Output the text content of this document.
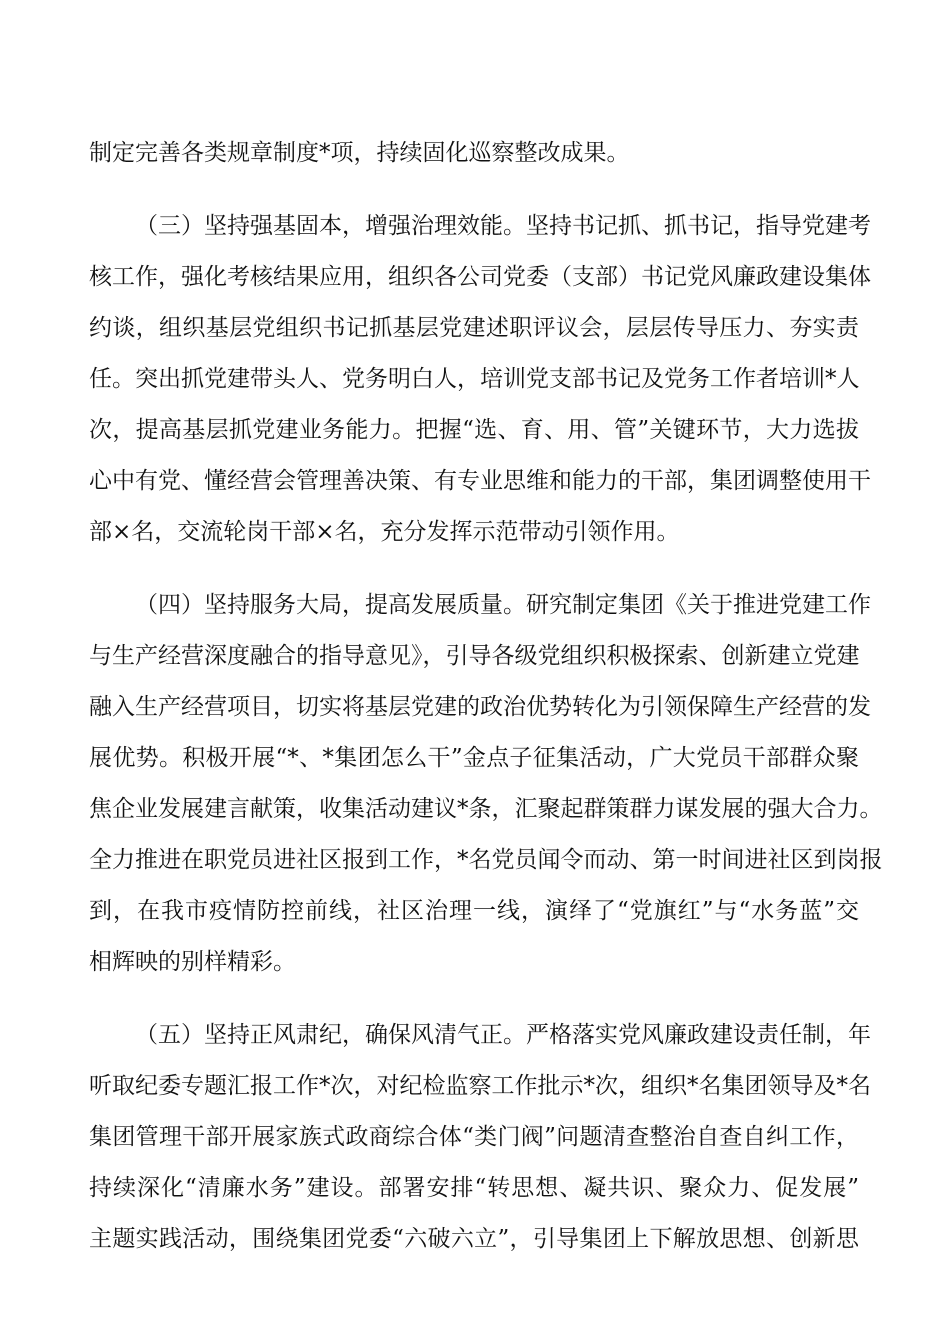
制定完善各类规章制度*项，持续固化巡察整改成果。
（三）坚持强基固本，增强治理效能。坚持书记抓、抓书记，指导党建考
核工作，强化考核结果应用，组织各公司党委（支部）书记党风廉政建设集体
约谈，组织基层党组织书记抓基层党建述职评议会，层层传导压力、夯实责
任。突出抓党建带头人、党务明白人，培训党支部书记及党务工作者培训*人
次，提高基层抓党建业务能力。把握“选、育、用、管”关键环节，大力选拔
心中有党、懂经营会管理善决策、有专业思维和能力的干部，集团调整使用干
部×名，交流轮岗干部×名，充分发挥示范带动引领作用。
（四）坚持服务大局，提高发展质量。研究制定集团《关于推进党建工作
与生产经营深度融合的指导意见》，引导各级党组织积极探索、创新建立党建
融入生产经营项目，切实将基层党建的政治优势转化为引领保障生产经营的发
展优势。积极开展“*、*集团怎么干”金点子征集活动，广大党员干部群众聚
焦企业发展建言献策，收集活动建议*条，汇聚起群策群力谋发展的强大合力。
全力推进在职党员进社区报到工作，*名党员闻令而动、第一时间进社区到岗报
到，在我市疫情防控前线，社区治理一线，演绎了“党旗红”与“水务蓝”交
相辉映的别样精彩。
（五）坚持正风肃纪，确保风清气正。严格落实党风廉政建设责任制，年
听取纪委专题汇报工作*次，对纪检监察工作批示*次，组织*名集团领导及*名
集团管理干部开展家族式政商综合体“类门阀”问题清查整治自查自纠工作，
持续深化“清廉水务”建设。部署安排“转思想、凝共识、聚众力、促发展”
主题实践活动，围绕集团党委“六破六立”，引导集团上下解放思想、创新思
